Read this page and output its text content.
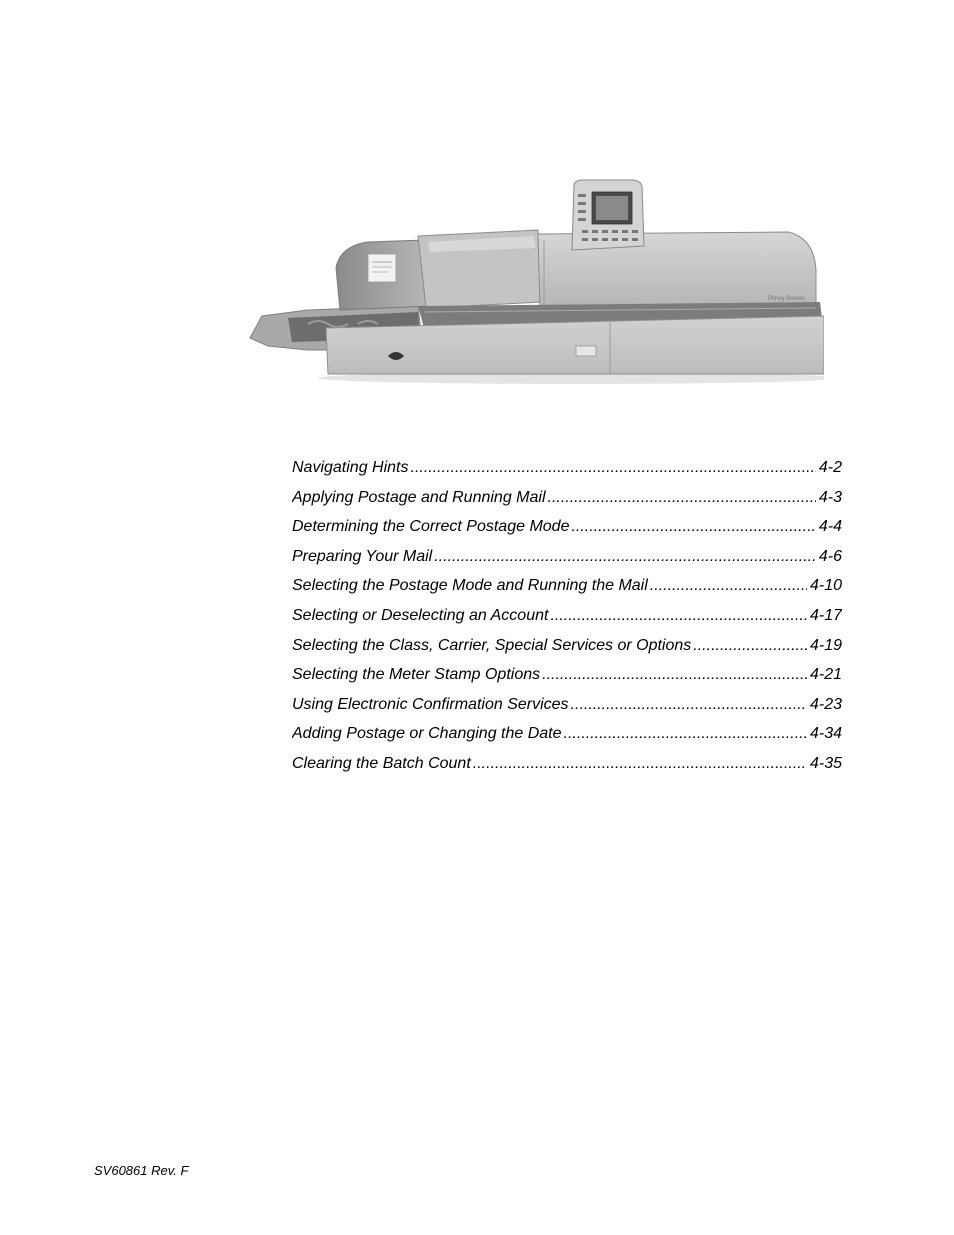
Pitney Bowes
Navigating Hints .....	4-2
Applying Postage and Running Mail .....	4-3
Determining the Correct Postage Mode .....	4-4
Preparing Your Mail .....	4-6
Selecting the Postage Mode and Running the Mail .....	4-10
Selecting or Deselecting an Account .....	4-17
Selecting the Class, Carrier, Special Services or Options .....	4-19
Selecting the Meter Stamp Options .....	4-21
Using Electronic Confirmation Services .....	4-23
Adding Postage or Changing the Date .....	4-34
Clearing the Batch Count .....	4-35
SV60861 Rev. F
